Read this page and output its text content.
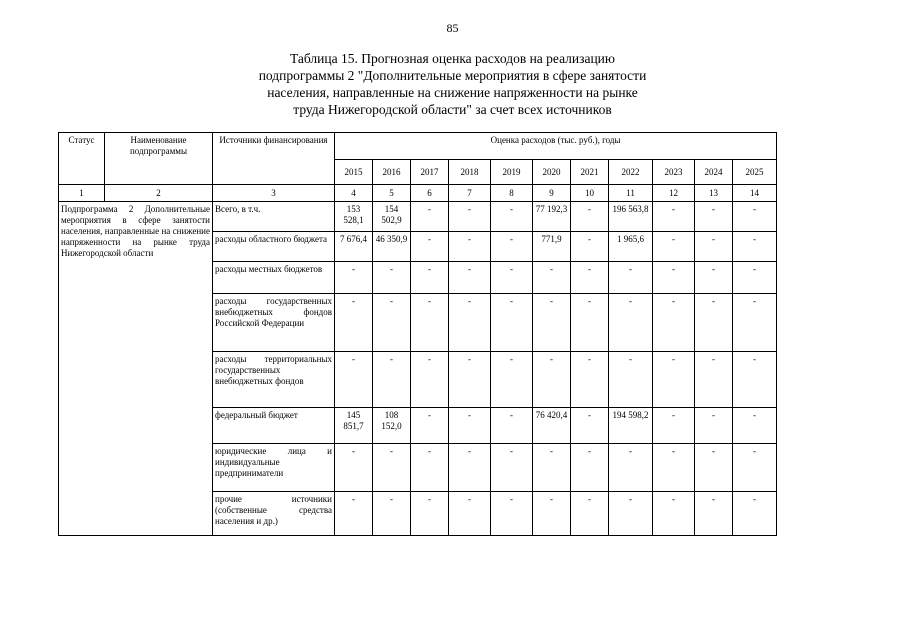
85
Таблица 15. Прогнозная оценка расходов на реализацию
подпрограммы 2 "Дополнительные мероприятия в сфере занятости
населения, направленные на снижение напряженности на рынке
труда Нижегородской области" за счет всех источников
Статус	Наименование подпрограммы	Источники финансирования	Оценка расходов (тыс. руб.), годы										
			2015	2016	2017	2018	2019	2020	2021	2022	2023	2024	2025
1	2	3	4	5	6	7	8	9	10	11	12	13	14
Подпрограмма 2 Дополнительные мероприятия в сфере занятости населения, направленные на снижение напряженности на рынке труда Нижегородской области		Всего, в т.ч.	153 528,1	154 502,9	-	-	-	77 192,3	-	196 563,8	-	-	-
		расходы областного бюджета	7 676,4	46 350,9	-	-	-	771,9	-	1 965,6	-	-	-
		расходы местных бюджетов	-	-	-	-	-	-	-	-	-	-	-
		расходы государственных внебюджетных фондов Российской Федерации	-	-	-	-	-	-	-	-	-	-	-
		расходы территориальных государственных внебюджетных фондов	-	-	-	-	-	-	-	-	-	-	-
		федеральный бюджет	145 851,7	108 152,0	-	-	-	76 420,4	-	194 598,2	-	-	-
		юридические лица и индивидуальные предприниматели	-	-	-	-	-	-	-	-	-	-	-
		прочие источники (собственные средства населения и др.)	-	-	-	-	-	-	-	-	-	-	-
